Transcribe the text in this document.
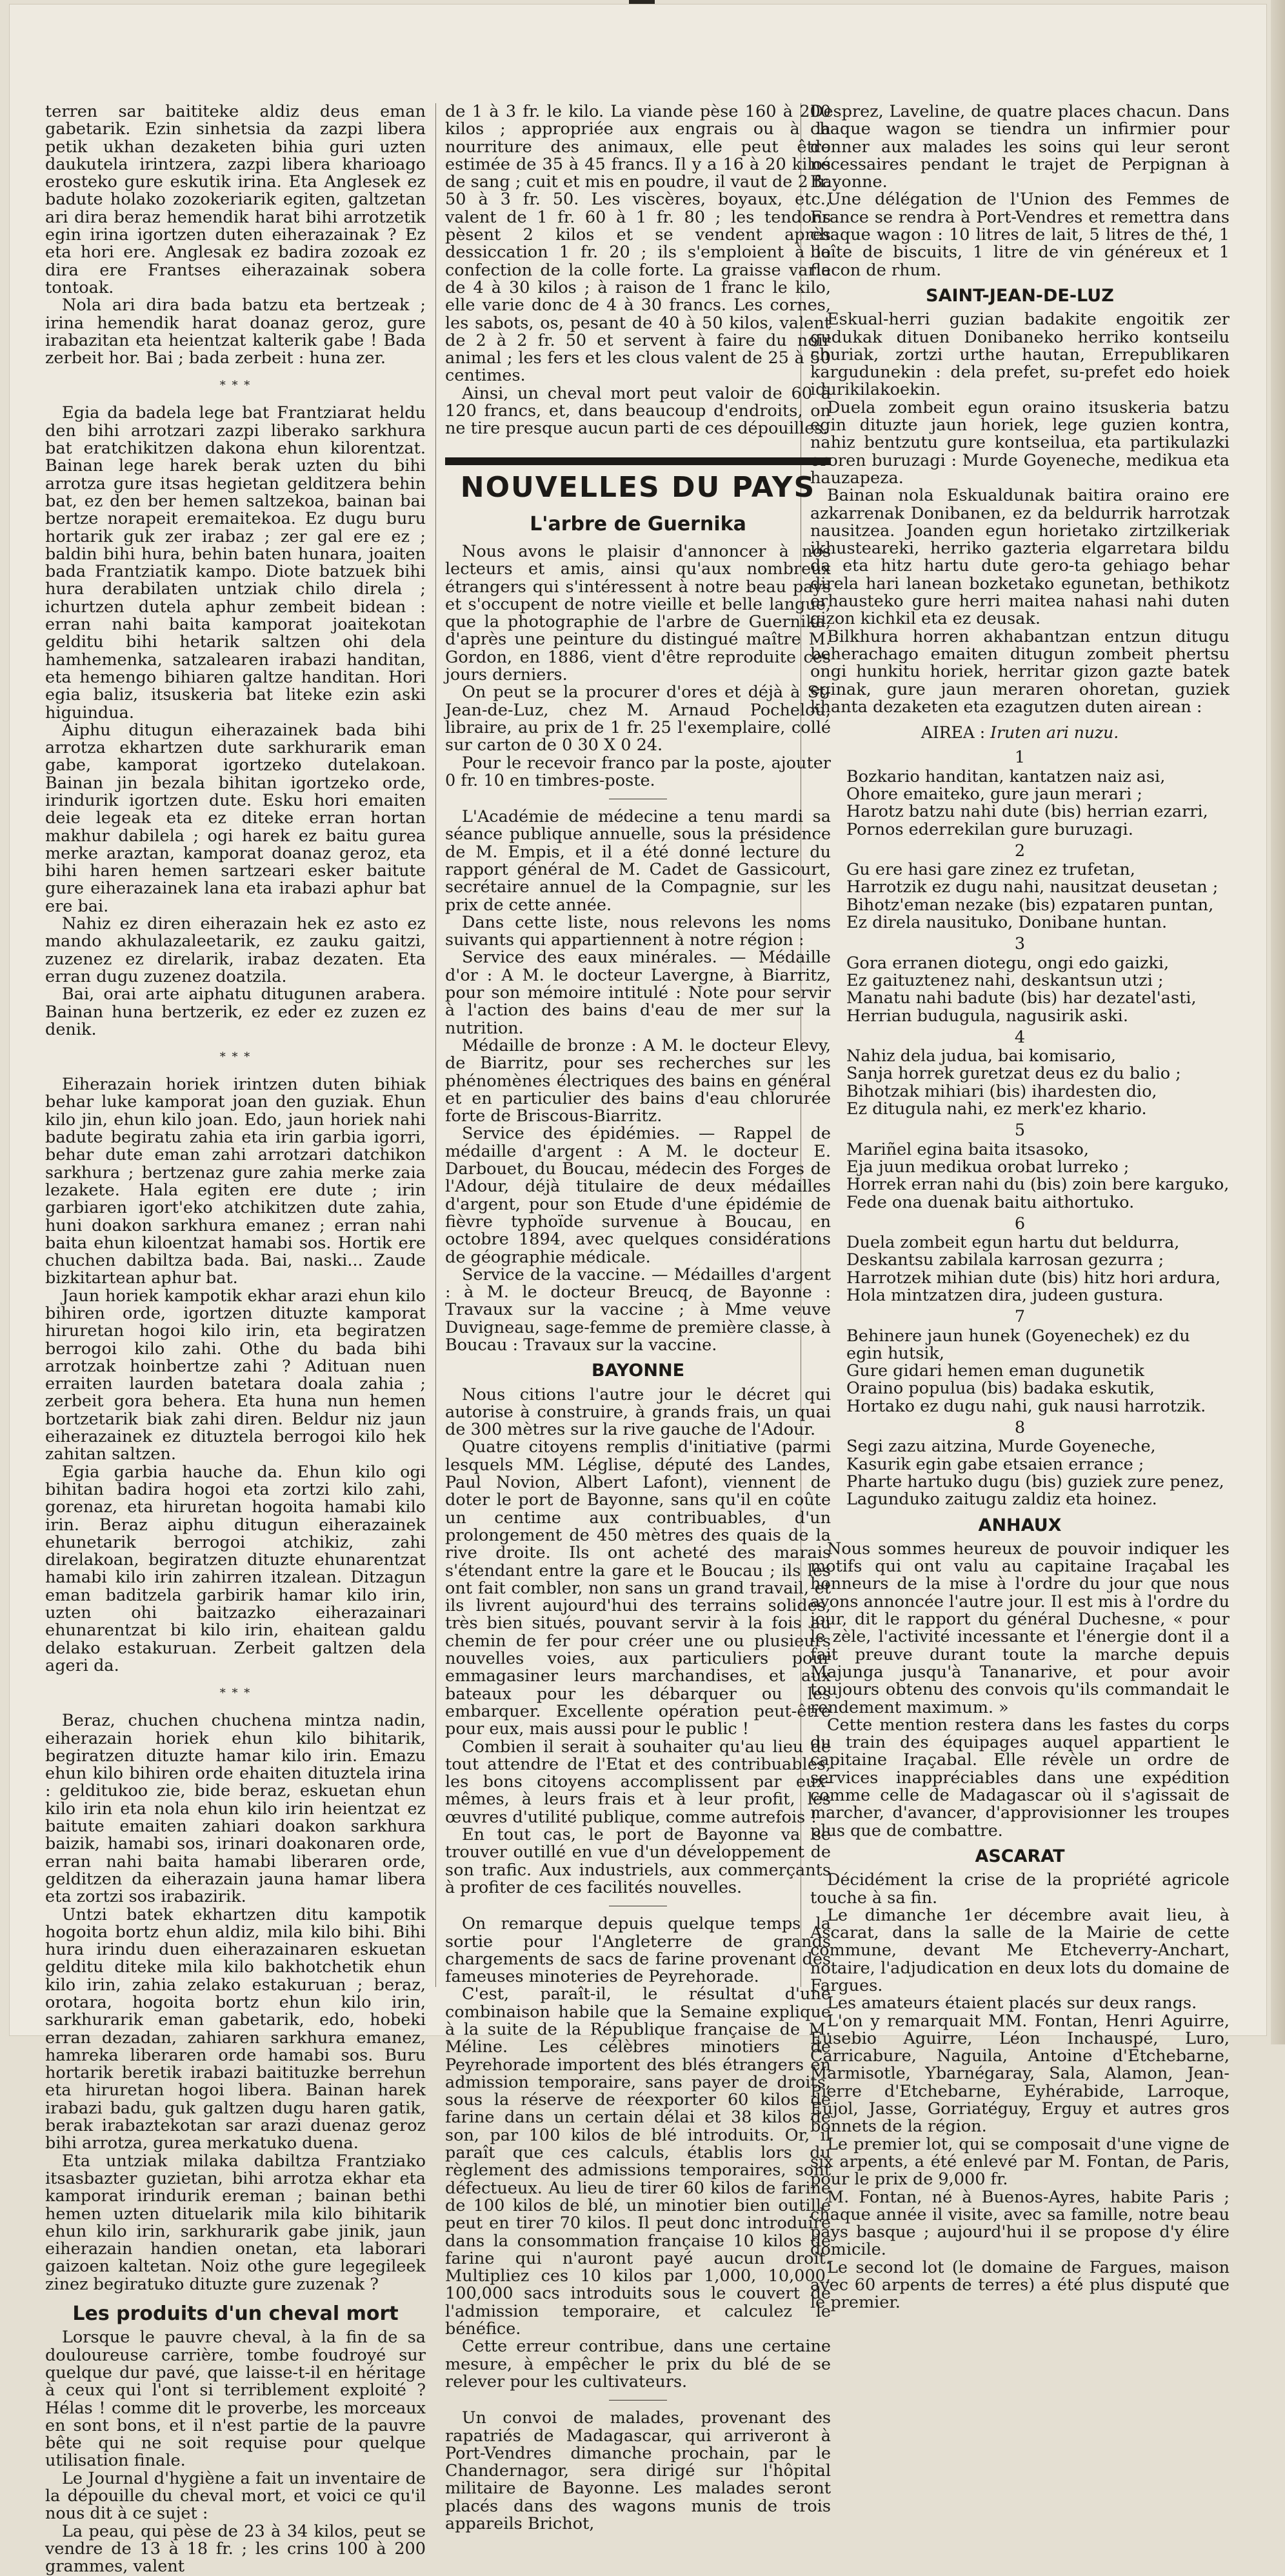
terren sar baititeke aldiz deus eman gabetarik. Ezin sinhetsia da zazpi libera petik ukhan dezaketen bihia guri uzten daukutela irintzera, zazpi libera kharioago erosteko gure eskutik irina. Eta Anglesek ez badute holako zozokeriarik egiten, galtzetan ari dira beraz hemendik harat bihi arrotzetik egin irina igortzen duten eiherazainak ? Ez eta hori ere. Anglesak ez badira zozoak ez dira ere Frantses eiherazainak sobera tontoak.

Nola ari dira bada batzu eta bertzeak ; irina hemendik harat doanaz geroz, gure irabazitan eta heientzat kalterik gabe ! Bada zerbeit hor. Bai ; bada zerbeit : huna zer.

* * *

Egia da badela lege bat Frantziarat heldu den bihi arrotzari zazpi liberako sarkhura bat eratchikitzen dakona ehun kilorentzat. Bainan lege harek berak uzten du bihi arrotza gure itsas hegietan gelditzera behin bat, ez den ber hemen saltzekoa, bainan bai bertze norapeit eremaitekoa. Ez dugu buru hortarik guk zer irabaz ; zer gal ere ez ; baldin bihi hura, behin baten hunara, joaiten bada Frantziatik kampo. Diote batzuek bihi hura derabilaten untziak chilo direla ; ichurtzen dutela aphur zembeit bidean : erran nahi baita kamporat joaitekotan gelditu bihi hetarik saltzen ohi dela hamhemenka, satzalearen irabazi handitan, eta hemengo bihiaren galtze handitan. Hori egia baliz, itsuskeria bat liteke ezin aski higuindua.

Aiphu ditugun eiherazainek bada bihi arrotza ekhartzen dute sarkhurarik eman gabe, kamporat igortzeko dutelakoan. Bainan jin bezala bihitan igortzeko orde, irindurik igortzen dute. Esku hori emaiten deie legeak eta ez diteke erran hortan makhur dabilela ; ogi harek ez baitu gurea merke araztan, kamporat doanaz geroz, eta bihi haren hemen sartzeari esker baitute gure eiherazainek lana eta irabazi aphur bat ere bai.

Nahiz ez diren eiherazain hek ez asto ez mando akhulazaleetarik, ez zauku gaitzi, zuzenez ez direlarik, irabaz dezaten. Eta erran dugu zuzenez doatzila.

Bai, orai arte aiphatu ditugunen arabera. Bainan huna bertzerik, ez eder ez zuzen ez denik.

* * *

Eiherazain horiek irintzen duten bihiak behar luke kamporat joan den guziak. Ehun kilo jin, ehun kilo joan. Edo, jaun horiek nahi badute begiratu zahia eta irin garbia igorri, behar dute eman zahi arrotzari datchikon sarkhura ; bertzenaz gure zahia merke zaia lezakete. Hala egiten ere dute ; irin garbiaren igort'eko atchikitzen dute zahia, huni doakon sarkhura emanez ; erran nahi baita ehun kiloentzat hamabi sos. Hortik ere chuchen dabiltza bada. Bai, naski... Zaude bizkitartean aphur bat.

Jaun horiek kampotik ekhar arazi ehun kilo bihiren orde, igortzen dituzte kamporat hiruretan hogoi kilo irin, eta begiratzen berrogoi kilo zahi. Othe du bada bihi arrotzak hoinbertze zahi ? Adituan nuen erraiten laurden batetara doala zahia ; zerbeit gora behera. Eta huna nun hemen bortzetarik biak zahi diren. Beldur niz jaun eiherazainek ez dituztela berrogoi kilo hek zahitan saltzen.

Egia garbia hauche da. Ehun kilo ogi bihitan badira hogoi eta zortzi kilo zahi, gorenaz, eta hiruretan hogoita hamabi kilo irin. Beraz aiphu ditugun eiherazainek ehunetarik berrogoi atchikiz, zahi direlakoan, begiratzen dituzte ehunarentzat hamabi kilo irin zahirren itzalean. Ditzagun eman baditzela garbirik hamar kilo irin, uzten ohi baitzazko eiherazainari ehunarentzat bi kilo irin, ehaitean galdu delako estakuruan. Zerbeit galtzen dela ageri da.

* * *

Beraz, chuchen chuchena mintza nadin, eiherazain horiek ehun kilo bihitarik, begiratzen dituzte hamar kilo irin. Emazu ehun kilo bihiren orde ehaiten dituztela irina : gelditukoo zie, bide beraz, eskuetan ehun kilo irin eta nola ehun kilo irin heientzat ez baitute emaiten zahiari doakon sarkhura baizik, hamabi sos, irinari doakonaren orde, erran nahi baita hamabi liberaren orde, gelditzen da eiherazain jauna hamar libera eta zortzi sos irabazirik.

Untzi batek ekhartzen ditu kampotik hogoita bortz ehun aldiz, mila kilo bihi. Bihi hura irindu duen eiherazainaren eskuetan gelditu diteke mila kilo bakhotchetik ehun kilo irin, zahia zelako estakuruan ; beraz, orotara, hogoita bortz ehun kilo irin, sarkhurarik eman gabetarik, edo, hobeki erran dezadan, zahiaren sarkhura emanez, hamreka liberaren orde hamabi sos. Buru hortarik beretik irabazi baitituzke berrehun eta hiruretan hogoi libera. Bainan harek irabazi badu, guk galtzen dugu haren gatik, berak irabaztekotan sar arazi duenaz geroz bihi arrotza, gurea merkatuko duena.

Eta untziak milaka dabiltza Frantziako itsasbazter guzietan, bihi arrotza ekhar eta kamporat irindurik ereman ; bainan bethi hemen uzten dituelarik mila kilo bihitarik ehun kilo irin, sarkhurarik gabe jinik, jaun eiherazain handien onetan, eta laborari gaizoen kaltetan. Noiz othe gure legegileek zinez begiratuko dituzte gure zuzenak ?

Les produits d'un cheval mort

Lorsque le pauvre cheval, à la fin de sa douloureuse carrière, tombe foudroyé sur quelque dur pavé, que laisse-t-il en héritage à ceux qui l'ont si terriblement exploité ? Hélas ! comme dit le proverbe, les morceaux en sont bons, et il n'est partie de la pauvre bête qui ne soit requise pour quelque utilisation finale.

Le Journal d'hygiène a fait un inventaire de la dépouille du cheval mort, et voici ce qu'il nous dit à ce sujet :

La peau, qui pèse de 23 à 34 kilos, peut se vendre de 13 à 18 fr. ; les crins 100 à 200 grammes, valent

de 1 à 3 fr. le kilo. La viande pèse 160 à 200 kilos ; appropriée aux engrais ou à la nourriture des animaux, elle peut être estimée de 35 à 45 francs. Il y a 16 à 20 kilos de sang ; cuit et mis en poudre, il vaut de 2 fr. 50 à 3 fr. 50. Les viscères, boyaux, etc., valent de 1 fr. 60 à 1 fr. 80 ; les tendons pèsent 2 kilos et se vendent après dessiccation 1 fr. 20 ; ils s'emploient à la confection de la colle forte. La graisse varie de 4 à 30 kilos ; à raison de 1 franc le kilo, elle varie donc de 4 à 30 francs. Les cornes, les sabots, os, pesant de 40 à 50 kilos, valent de 2 à 2 fr. 50 et servent à faire du noir animal ; les fers et les clous valent de 25 à 50 centimes.

Ainsi, un cheval mort peut valoir de 60 à 120 francs, et, dans beaucoup d'endroits, on ne tire presque aucun parti de ces dépouilles.

NOUVELLES DU PAYS
L'arbre de Guernika

Nous avons le plaisir d'annoncer à nos lecteurs et amis, ainsi qu'aux nombreux étrangers qui s'intéressent à notre beau pays et s'occupent de notre vieille et belle langue, que la photographie de l'arbre de Guernika, d'après une peinture du distingué maître M. Gordon, en 1886, vient d'être reproduite ces jours derniers.

On peut se la procurer d'ores et déjà à St-Jean-de-Luz, chez M. Arnaud Pochelou, libraire, au prix de 1 fr. 25 l'exemplaire, collé sur carton de 0 30 X 0 24.

Pour le recevoir franco par la poste, ajouter 0 fr. 10 en timbres-poste.

L'Académie de médecine a tenu mardi sa séance publique annuelle, sous la présidence de M. Empis, et il a été donné lecture du rapport général de M. Cadet de Gassicourt, secrétaire annuel de la Compagnie, sur les prix de cette année.

Dans cette liste, nous relevons les noms suivants qui appartiennent à notre région :

Service des eaux minérales. — Médaille d'or : A M. le docteur Lavergne, à Biarritz, pour son mémoire intitulé : Note pour servir à l'action des bains d'eau de mer sur la nutrition.

Médaille de bronze : A M. le docteur Elevy, de Biarritz, pour ses recherches sur les phénomènes électriques des bains en général et en particulier des bains d'eau chlorurée forte de Briscous-Biarritz.

Service des épidémies. — Rappel de médaille d'argent : A M. le docteur E. Darbouet, du Boucau, médecin des Forges de l'Adour, déjà titulaire de deux médailles d'argent, pour son Etude d'une épidémie de fièvre typhoïde survenue à Boucau, en octobre 1894, avec quelques considérations de géographie médicale.

Service de la vaccine. — Médailles d'argent : à M. le docteur Breucq, de Bayonne : Travaux sur la vaccine ; à Mme veuve Duvigneau, sage-femme de première classe, à Boucau : Travaux sur la vaccine.

BAYONNE

Nous citions l'autre jour le décret qui autorise à construire, à grands frais, un quai de 300 mètres sur la rive gauche de l'Adour.

Quatre citoyens remplis d'initiative (parmi lesquels MM. Léglise, député des Landes, Paul Novion, Albert Lafont), viennent de doter le port de Bayonne, sans qu'il en coûte un centime aux contribuables, d'un prolongement de 450 mètres des quais de la rive droite. Ils ont acheté des marais s'étendant entre la gare et le Boucau ; ils les ont fait combler, non sans un grand travail, et ils livrent aujourd'hui des terrains solides, très bien situés, pouvant servir à la fois au chemin de fer pour créer une ou plusieurs nouvelles voies, aux particuliers pour emmagasiner leurs marchandises, et aux bateaux pour les débarquer ou les embarquer. Excellente opération peut-être pour eux, mais aussi pour le public !

Combien il serait à souhaiter qu'au lieu de tout attendre de l'Etat et des contribuables, les bons citoyens accomplissent par eux-mêmes, à leurs frais et à leur profit, les œuvres d'utilité publique, comme autrefois !

En tout cas, le port de Bayonne va se trouver outillé en vue d'un développement de son trafic. Aux industriels, aux commerçants à profiter de ces facilités nouvelles.

On remarque depuis quelque temps la sortie pour l'Angleterre de grands chargements de sacs de farine provenant des fameuses minoteries de Peyrehorade.

C'est, paraît-il, le résultat d'une combinaison habile que la Semaine explique à la suite de la République française de M. Méline. Les célèbres minotiers de Peyrehorade importent des blés étrangers en admission temporaire, sans payer de droits, sous la réserve de réexporter 60 kilos de farine dans un certain délai et 38 kilos de son, par 100 kilos de blé introduits. Or, il paraît que ces calculs, établis lors du règlement des admissions temporaires, sont défectueux. Au lieu de tirer 60 kilos de farine de 100 kilos de blé, un minotier bien outillé peut en tirer 70 kilos. Il peut donc introduire dans la consommation française 10 kilos de farine qui n'auront payé aucun droit. Multipliez ces 10 kilos par 1,000, 10,000, 100,000 sacs introduits sous le couvert de l'admission temporaire, et calculez le bénéfice.

Cette erreur contribue, dans une certaine mesure, à empêcher le prix du blé de se relever pour les cultivateurs.

Un convoi de malades, provenant des rapatriés de Madagascar, qui arriveront à Port-Vendres dimanche prochain, par le Chandernagor, sera dirigé sur l'hôpital militaire de Bayonne. Les malades seront placés dans des wagons munis de trois appareils Brichot,

Desprez, Laveline, de quatre places chacun. Dans chaque wagon se tiendra un infirmier pour donner aux malades les soins qui leur seront nécessaires pendant le trajet de Perpignan à Bayonne.

Une délégation de l'Union des Femmes de France se rendra à Port-Vendres et remettra dans chaque wagon : 10 litres de lait, 5 litres de thé, 1 boîte de biscuits, 1 litre de vin généreux et 1 flacon de rhum.

SAINT-JEAN-DE-LUZ

Eskual-herri guzian badakite engoitik zer gudukak dituen Donibaneko herriko kontseilu churiak, zortzi urthe hautan, Errepublikaren kargudunekin : dela prefet, su-prefet edo hoiek idurikilakoekin.

Duela zombeit egun oraino itsuskeria batzu egin dituzte jaun horiek, lege guzien kontra, nahiz bentzutu gure kontseilua, eta partikulazki ororen buruzagi : Murde Goyeneche, medikua eta hauzapeza.

Bainan nola Eskualdunak baitira oraino ere azkarrenak Donibanen, ez da beldurrik harrotzak nausitzea. Joanden egun horietako zirtzilkeriak ikhusteareki, herriko gazteria elgarretara bildu da eta hitz hartu dute gero-ta gehiago behar direla hari lanean bozketako egunetan, bethikotz erhausteko gure herri maitea nahasi nahi duten gizon kichkil eta ez deusak.

Bilkhura horren akhabantzan entzun ditugu beherachago emaiten ditugun zombeit phertsu ongi hunkitu horiek, herritar gizon gazte batek eginak, gure jaun meraren ohoretan, guziek khanta dezaketen eta ezagutzen duten airean :

AIREA : Iruten ari nuzu.
1
Bozkario handitan, kantatzen naiz asi,
Ohore emaiteko, gure jaun merari ;
Harotz batzu nahi dute (bis) herrian ezarri,
Pornos ederrekilan gure buruzagi.
2
Gu ere hasi gare zinez ez trufetan,
Harrotzik ez dugu nahi, nausitzat deusetan ;
Bihotz'eman nezake (bis) ezpataren puntan,
Ez direla nausituko, Donibane huntan.
3
Gora erranen diotegu, ongi edo gaizki,
Ez gaituztenez nahi, deskantsun utzi ;
Manatu nahi badute (bis) har dezatel'asti,
Herrian budugula, nagusirik aski.
4
Nahiz dela judua, bai komisario,
Sanja horrek guretzat deus ez du balio ;
Bihotzak mihiari (bis) ihardesten dio,
Ez ditugula nahi, ez merk'ez khario.
5
Mariñel egina baita itsasoko,
Eja juun medikua orobat lurreko ;
Horrek erran nahi du (bis) zoin bere karguko,
Fede ona duenak baitu aithortuko.
6
Duela zombeit egun hartu dut beldurra,
Deskantsu zabilala karrosan gezurra ;
Harrotzek mihian dute (bis) hitz hori ardura,
Hola mintzatzen dira, judeen gustura.
7
Behinere jaun hunek (Goyenechek) ez du egin hutsik,
Gure gidari hemen eman dugunetik
Oraino populua (bis) badaka eskutik,
Hortako ez dugu nahi, guk nausi harrotzik.
8
Segi zazu aitzina, Murde Goyeneche,
Kasurik egin gabe etsaien errance ;
Pharte hartuko dugu (bis) guziek zure penez,
Lagunduko zaitugu zaldiz eta hoinez.
ANHAUX

Nous sommes heureux de pouvoir indiquer les motifs qui ont valu au capitaine Iraçabal les honneurs de la mise à l'ordre du jour que nous avons annoncée l'autre jour. Il est mis à l'ordre du jour, dit le rapport du général Duchesne, « pour le zèle, l'activité incessante et l'énergie dont il a fait preuve durant toute la marche depuis Majunga jusqu'à Tananarive, et pour avoir toujours obtenu des convois qu'ils commandait le rendement maximum. »

Cette mention restera dans les fastes du corps du train des équipages auquel appartient le capitaine Iraçabal. Elle révèle un ordre de services inappréciables dans une expédition comme celle de Madagascar où il s'agissait de marcher, d'avancer, d'approvisionner les troupes plus que de combattre.

ASCARAT

Décidément la crise de la propriété agricole touche à sa fin.

Le dimanche 1er décembre avait lieu, à Ascarat, dans la salle de la Mairie de cette commune, devant Me Etcheverry-Anchart, notaire, l'adjudication en deux lots du domaine de Fargues.

Les amateurs étaient placés sur deux rangs.

L'on y remarquait MM. Fontan, Henri Aguirre, Eusebio Aguirre, Léon Inchauspé, Luro, Carricabure, Naguila, Antoine d'Etchebarne, Marmisotle, Ybarnégaray, Sala, Alamon, Jean-Pierre d'Etchebarne, Eyhérabide, Larroque, Eujol, Jasse, Gorriatéguy, Erguy et autres gros bonnets de la région.

Le premier lot, qui se composait d'une vigne de six arpents, a été enlevé par M. Fontan, de Paris, pour le prix de 9,000 fr.

M. Fontan, né à Buenos-Ayres, habite Paris ; chaque année il visite, avec sa famille, notre beau pays basque ; aujourd'hui il se propose d'y élire domicile.

Le second lot (le domaine de Fargues, maison avec 60 arpents de terres) a été plus disputé que le premier.
